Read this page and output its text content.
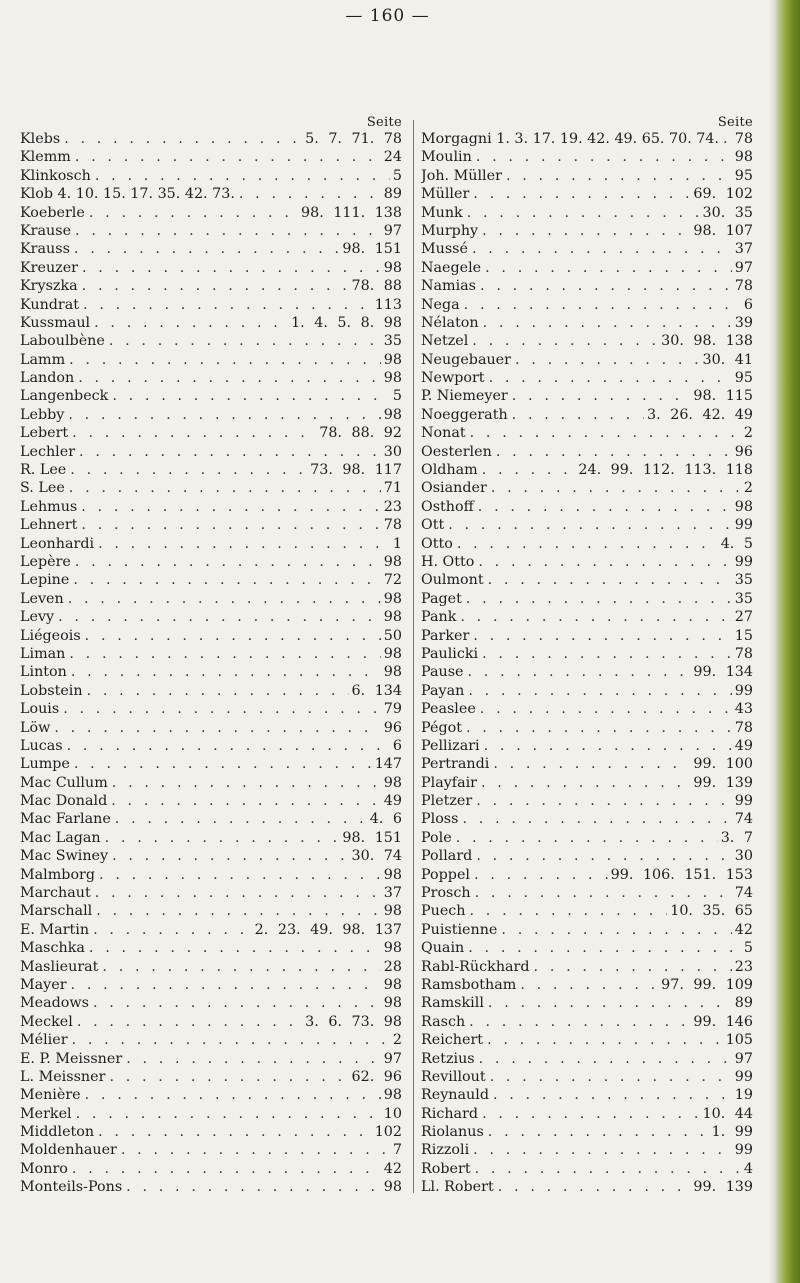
— 160 —
Seite
Klebs . . .	5. 7. 71. 78
Klemm . . .	24
Klinkosch . . .	5
Klob 4. 10. 15. 17. 35. 42. 73. . . .	89
Koeberle . . .	98. 111. 138
Krause . . .	97
Krauss . . .	98. 151
Kreuzer . . .	98
Kryszka . . .	78. 88
Kundrat . . .	113
Kussmaul . . .	1. 4. 5. 8. 98
Laboulbène . . .	35
Lamm . . .	98
Landon . . .	98
Langenbeck . . .	5
Lebby . . .	98
Lebert . . .	78. 88. 92
Lechler . . .	30
R. Lee . . .	73. 98. 117
S. Lee . . .	71
Lehmus . . .	23
Lehnert . . .	78
Leonhardi . . .	1
Lepère . . .	98
Lepine . . .	72
Leven . . .	98
Levy . . .	98
Liégeois . . .	50
Liman . . .	98
Linton . . .	98
Lobstein . . .	6. 134
Louis . . .	79
Löw . . .	96
Lucas . . .	6
Lumpe . . .	147
Mac Cullum . . .	98
Mac Donald . . .	49
Mac Farlane . . .	4. 6
Mac Lagan . . .	98. 151
Mac Swiney . . .	30. 74
Malmborg . . .	98
Marchaut . . .	37
Marschall . . .	98
E. Martin . . .	2. 23. 49. 98. 137
Maschka . . .	98
Maslieurat . . .	28
Mayer . . .	98
Meadows . . .	98
Meckel . . .	3. 6. 73. 98
Mélier . . .	2
E. P. Meissner . . .	97
L. Meissner . . .	62. 96
Menière . . .	98
Merkel . . .	10
Middleton . . .	102
Moldenhauer . . .	7
Monro . . .	42
Monteils-Pons . . .	98
Seite
Morgagni 1. 3. 17. 19. 42. 49. 65. 70. 74. . . . 78
Moulin . . .	98
Joh. Müller . . .	95
Müller . . .	69. 102
Munk . . .	30. 35
Murphy . . .	98. 107
Mussé . . .	37
Naegele . . .	97
Namias . . .	78
Nega . . .	6
Nélaton . . .	39
Netzel . . .	30. 98. 138
Neugebauer . . .	30. 41
Newport . . .	95
P. Niemeyer . . .	98. 115
Noeggerath . . .	3. 26. 42. 49
Nonat . . .	2
Oesterlen . . .	96
Oldham . . .	24. 99. 112. 113. 118
Osiander . . .	2
Osthoff . . .	98
Ott . . .	99
Otto . . .	4. 5
H. Otto . . .	99
Oulmont . . .	35
Paget . . .	35
Pank . . .	27
Parker . . .	15
Paulicki . . .	78
Pause . . .	99. 134
Payan . . .	99
Peaslee . . .	43
Pégot . . .	78
Pellizari . . .	49
Pertrandi . . .	99. 100
Playfair . . .	99. 139
Pletzer . . .	99
Ploss . . .	74
Pole . . .	3. 7
Pollard . . .	30
Poppel . . .	99. 106. 151. 153
Prosch . . .	74
Puech . . .	10. 35. 65
Puistienne . . .	42
Quain . . .	5
Rabl-Rückhard . . .	23
Ramsbotham . . .	97. 99. 109
Ramskill . . .	89
Rasch . . .	99. 146
Reichert . . .	105
Retzius . . .	97
Revillout . . .	99
Reynauld . . .	19
Richard . . .	10. 44
Riolanus . . .	1. 99
Rizzoli . . .	99
Robert . . .	4
Ll. Robert . . .	99. 139
